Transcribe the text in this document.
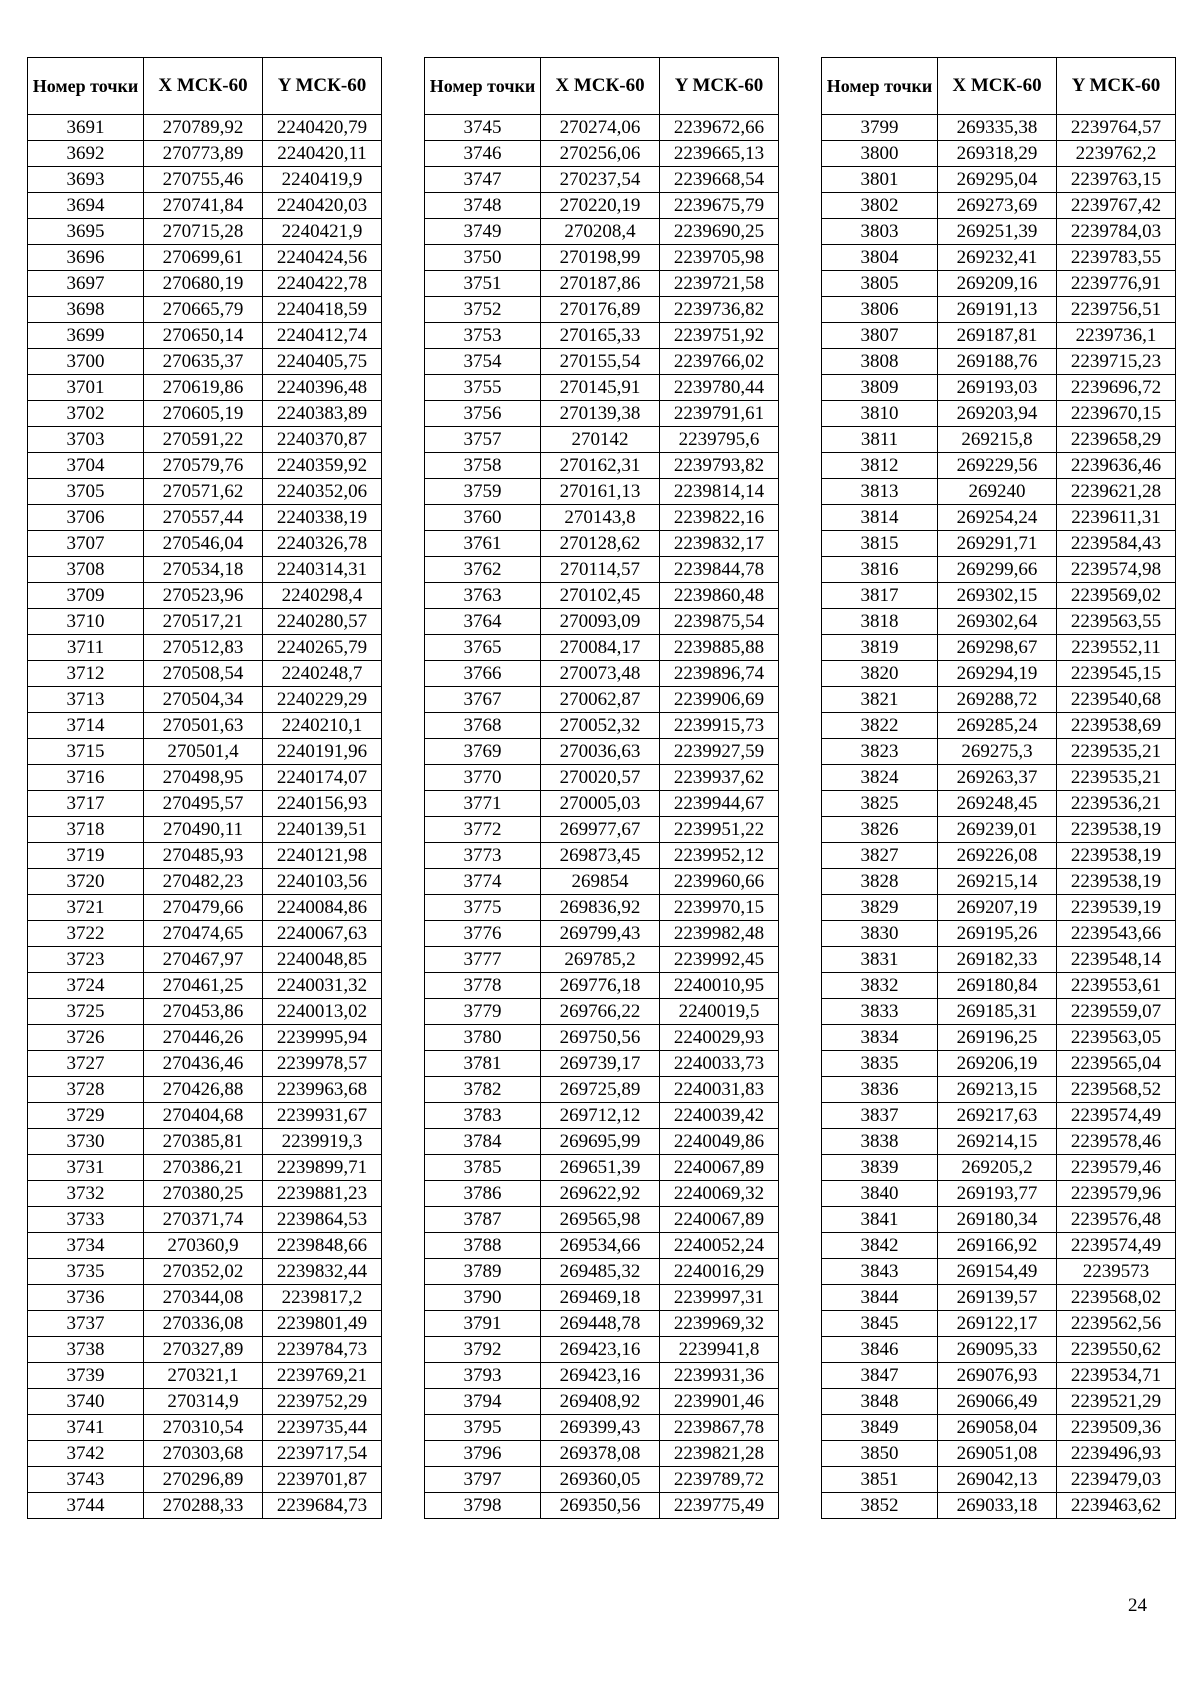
Номер точки	X МСК-60	Y МСК-60
3691	270789,92	2240420,79
3692	270773,89	2240420,11
3693	270755,46	2240419,9
3694	270741,84	2240420,03
3695	270715,28	2240421,9
3696	270699,61	2240424,56
3697	270680,19	2240422,78
3698	270665,79	2240418,59
3699	270650,14	2240412,74
3700	270635,37	2240405,75
3701	270619,86	2240396,48
3702	270605,19	2240383,89
3703	270591,22	2240370,87
3704	270579,76	2240359,92
3705	270571,62	2240352,06
3706	270557,44	2240338,19
3707	270546,04	2240326,78
3708	270534,18	2240314,31
3709	270523,96	2240298,4
3710	270517,21	2240280,57
3711	270512,83	2240265,79
3712	270508,54	2240248,7
3713	270504,34	2240229,29
3714	270501,63	2240210,1
3715	270501,4	2240191,96
3716	270498,95	2240174,07
3717	270495,57	2240156,93
3718	270490,11	2240139,51
3719	270485,93	2240121,98
3720	270482,23	2240103,56
3721	270479,66	2240084,86
3722	270474,65	2240067,63
3723	270467,97	2240048,85
3724	270461,25	2240031,32
3725	270453,86	2240013,02
3726	270446,26	2239995,94
3727	270436,46	2239978,57
3728	270426,88	2239963,68
3729	270404,68	2239931,67
3730	270385,81	2239919,3
3731	270386,21	2239899,71
3732	270380,25	2239881,23
3733	270371,74	2239864,53
3734	270360,9	2239848,66
3735	270352,02	2239832,44
3736	270344,08	2239817,2
3737	270336,08	2239801,49
3738	270327,89	2239784,73
3739	270321,1	2239769,21
3740	270314,9	2239752,29
3741	270310,54	2239735,44
3742	270303,68	2239717,54
3743	270296,89	2239701,87
3744	270288,33	2239684,73
Номер точки	X МСК-60	Y МСК-60
3745	270274,06	2239672,66
3746	270256,06	2239665,13
3747	270237,54	2239668,54
3748	270220,19	2239675,79
3749	270208,4	2239690,25
3750	270198,99	2239705,98
3751	270187,86	2239721,58
3752	270176,89	2239736,82
3753	270165,33	2239751,92
3754	270155,54	2239766,02
3755	270145,91	2239780,44
3756	270139,38	2239791,61
3757	270142	2239795,6
3758	270162,31	2239793,82
3759	270161,13	2239814,14
3760	270143,8	2239822,16
3761	270128,62	2239832,17
3762	270114,57	2239844,78
3763	270102,45	2239860,48
3764	270093,09	2239875,54
3765	270084,17	2239885,88
3766	270073,48	2239896,74
3767	270062,87	2239906,69
3768	270052,32	2239915,73
3769	270036,63	2239927,59
3770	270020,57	2239937,62
3771	270005,03	2239944,67
3772	269977,67	2239951,22
3773	269873,45	2239952,12
3774	269854	2239960,66
3775	269836,92	2239970,15
3776	269799,43	2239982,48
3777	269785,2	2239992,45
3778	269776,18	2240010,95
3779	269766,22	2240019,5
3780	269750,56	2240029,93
3781	269739,17	2240033,73
3782	269725,89	2240031,83
3783	269712,12	2240039,42
3784	269695,99	2240049,86
3785	269651,39	2240067,89
3786	269622,92	2240069,32
3787	269565,98	2240067,89
3788	269534,66	2240052,24
3789	269485,32	2240016,29
3790	269469,18	2239997,31
3791	269448,78	2239969,32
3792	269423,16	2239941,8
3793	269423,16	2239931,36
3794	269408,92	2239901,46
3795	269399,43	2239867,78
3796	269378,08	2239821,28
3797	269360,05	2239789,72
3798	269350,56	2239775,49
Номер точки	X МСК-60	Y МСК-60
3799	269335,38	2239764,57
3800	269318,29	2239762,2
3801	269295,04	2239763,15
3802	269273,69	2239767,42
3803	269251,39	2239784,03
3804	269232,41	2239783,55
3805	269209,16	2239776,91
3806	269191,13	2239756,51
3807	269187,81	2239736,1
3808	269188,76	2239715,23
3809	269193,03	2239696,72
3810	269203,94	2239670,15
3811	269215,8	2239658,29
3812	269229,56	2239636,46
3813	269240	2239621,28
3814	269254,24	2239611,31
3815	269291,71	2239584,43
3816	269299,66	2239574,98
3817	269302,15	2239569,02
3818	269302,64	2239563,55
3819	269298,67	2239552,11
3820	269294,19	2239545,15
3821	269288,72	2239540,68
3822	269285,24	2239538,69
3823	269275,3	2239535,21
3824	269263,37	2239535,21
3825	269248,45	2239536,21
3826	269239,01	2239538,19
3827	269226,08	2239538,19
3828	269215,14	2239538,19
3829	269207,19	2239539,19
3830	269195,26	2239543,66
3831	269182,33	2239548,14
3832	269180,84	2239553,61
3833	269185,31	2239559,07
3834	269196,25	2239563,05
3835	269206,19	2239565,04
3836	269213,15	2239568,52
3837	269217,63	2239574,49
3838	269214,15	2239578,46
3839	269205,2	2239579,46
3840	269193,77	2239579,96
3841	269180,34	2239576,48
3842	269166,92	2239574,49
3843	269154,49	2239573
3844	269139,57	2239568,02
3845	269122,17	2239562,56
3846	269095,33	2239550,62
3847	269076,93	2239534,71
3848	269066,49	2239521,29
3849	269058,04	2239509,36
3850	269051,08	2239496,93
3851	269042,13	2239479,03
3852	269033,18	2239463,62
24
